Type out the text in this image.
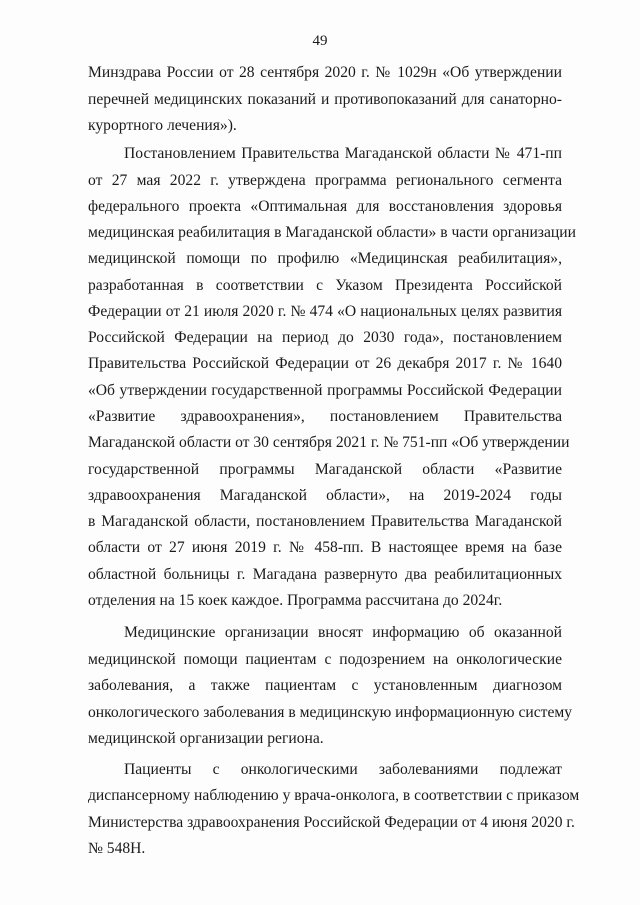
49
Минздрава России от 28 сентября 2020 г. № 1029н «Об утверждении
перечней медицинских показаний и противопоказаний для санаторно-
курортного лечения»).
Постановлением Правительства Магаданской области № 471-пп
от 27 мая 2022 г. утверждена программа регионального сегмента
федерального проекта «Оптимальная для восстановления здоровья
медицинская реабилитация в Магаданской области» в части организации
медицинской помощи по профилю «Медицинская реабилитация»,
разработанная в соответствии с Указом Президента Российской
Федерации от 21 июля 2020 г. № 474 «О национальных целях развития
Российской Федерации на период до 2030 года», постановлением
Правительства Российской Федерации от 26 декабря 2017 г. № 1640
«Об утверждении государственной программы Российской Федерации
«Развитие здравоохранения», постановлением Правительства
Магаданской области от 30 сентября 2021 г. № 751-пп «Об утверждении
государственной программы Магаданской области «Развитие
здравоохранения Магаданской области», на 2019-2024 годы
в Магаданской области, постановлением Правительства Магаданской
области от 27 июня 2019 г. № 458-пп. В настоящее время на базе
областной больницы г. Магадана развернуто два реабилитационных
отделения на 15 коек каждое. Программа рассчитана до 2024г.
Медицинские организации вносят информацию об оказанной
медицинской помощи пациентам с подозрением на онкологические
заболевания, а также пациентам с установленным диагнозом
онкологического заболевания в медицинскую информационную систему
медицинской организации региона.
Пациенты с онкологическими заболеваниями подлежат
диспансерному наблюдению у врача-онколога, в соответствии с приказом
Министерства здравоохранения Российской Федерации от 4 июня 2020 г.
№ 548Н.
